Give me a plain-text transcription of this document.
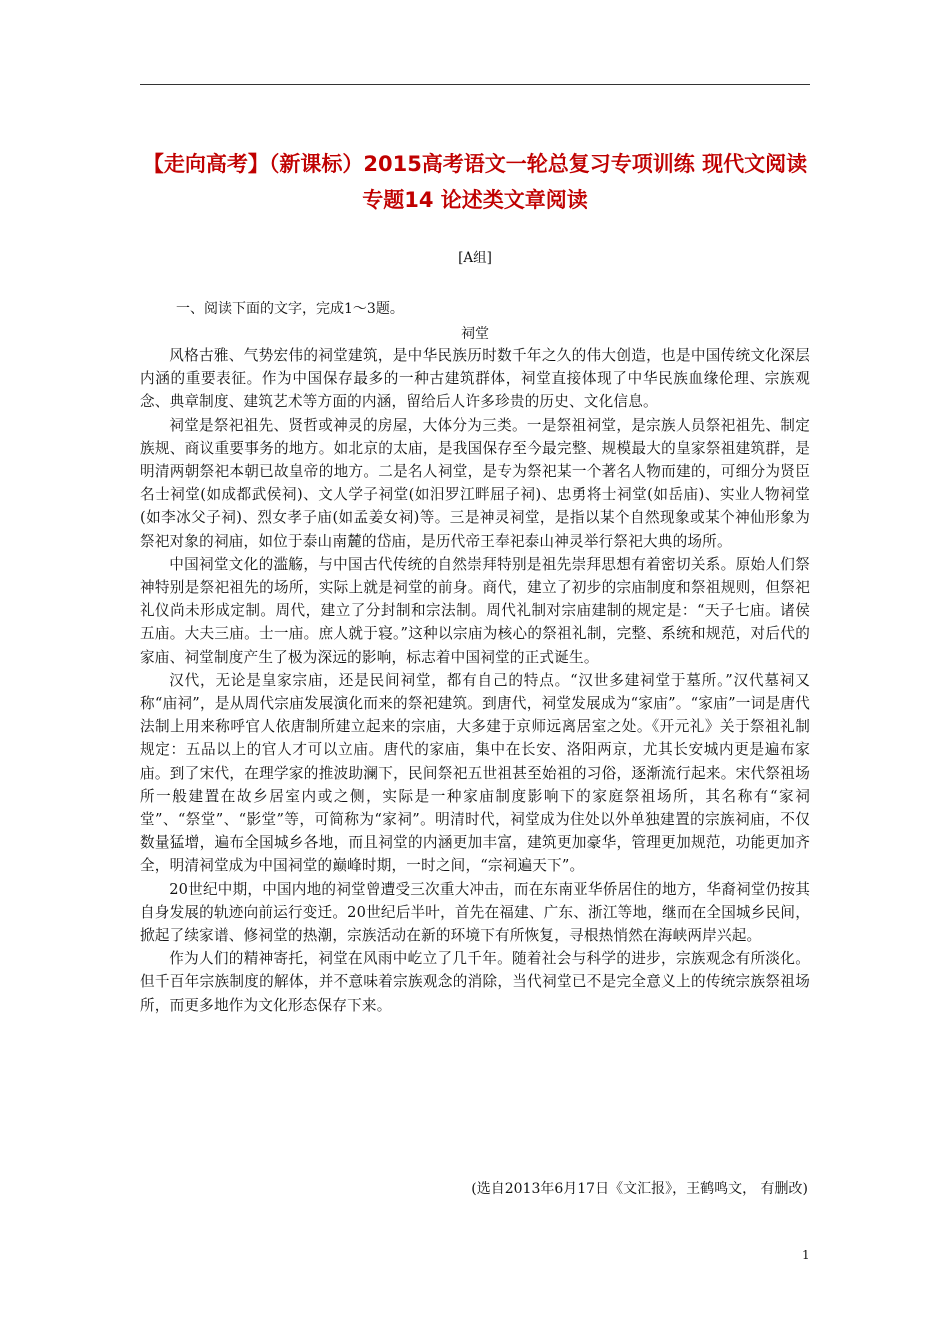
【走向高考】（新课标）2015高考语文一轮总复习专项训练 现代文阅读 专题14 论述类文章阅读
[A组]
一、阅读下面的文字，完成1～3题。
祠堂

风格古雅、气势宏伟的祠堂建筑，是中华民族历时数千年之久的伟大创造，也是中国传统文化深层内涵的重要表征。作为中国保存最多的一种古建筑群体，祠堂直接体现了中华民族血缘伦理、宗族观念、典章制度、建筑艺术等方面的内涵，留给后人许多珍贵的历史、文化信息。

祠堂是祭祀祖先、贤哲或神灵的房屋，大体分为三类。一是祭祖祠堂，是宗族人员祭祀祖先、制定族规、商议重要事务的地方。如北京的太庙，是我国保存至今最完整、规模最大的皇家祭祖建筑群，是明清两朝祭祀本朝已故皇帝的地方。二是名人祠堂，是专为祭祀某一个著名人物而建的，可细分为贤臣名士祠堂(如成都武侯祠)、文人学子祠堂(如汨罗江畔屈子祠)、忠勇将士祠堂(如岳庙)、实业人物祠堂(如李冰父子祠)、烈女孝子庙(如孟姜女祠)等。三是神灵祠堂，是指以某个自然现象或某个神仙形象为祭祀对象的祠庙，如位于泰山南麓的岱庙，是历代帝王奉祀泰山神灵举行祭祀大典的场所。

中国祠堂文化的滥觞，与中国古代传统的自然崇拜特别是祖先崇拜思想有着密切关系。原始人们祭神特别是祭祀祖先的场所，实际上就是祠堂的前身。商代，建立了初步的宗庙制度和祭祖规则，但祭祀礼仪尚未形成定制。周代，建立了分封制和宗法制。周代礼制对宗庙建制的规定是：“天子七庙。诸侯五庙。大夫三庙。士一庙。庶人就于寝。”这种以宗庙为核心的祭祖礼制，完整、系统和规范，对后代的家庙、祠堂制度产生了极为深远的影响，标志着中国祠堂的正式诞生。

汉代，无论是皇家宗庙，还是民间祠堂，都有自己的特点。“汉世多建祠堂于墓所。”汉代墓祠又称“庙祠”，是从周代宗庙发展演化而来的祭祀建筑。到唐代，祠堂发展成为“家庙”。“家庙”一词是唐代法制上用来称呼官人依唐制所建立起来的宗庙，大多建于京师远离居室之处。《开元礼》关于祭祖礼制规定：五品以上的官人才可以立庙。唐代的家庙，集中在长安、洛阳两京，尤其长安城内更是遍布家庙。到了宋代，在理学家的推波助澜下，民间祭祀五世祖甚至始祖的习俗，逐渐流行起来。宋代祭祖场所一般建置在故乡居室内或之侧，实际是一种家庙制度影响下的家庭祭祖场所，其名称有“家祠堂”、“祭堂”、“影堂”等，可简称为“家祠”。明清时代，祠堂成为住处以外单独建置的宗族祠庙，不仅数量猛增，遍布全国城乡各地，而且祠堂的内涵更加丰富，建筑更加豪华，管理更加规范，功能更加齐全，明清祠堂成为中国祠堂的巅峰时期，一时之间，“宗祠遍天下”。

20世纪中期，中国内地的祠堂曾遭受三次重大冲击，而在东南亚华侨居住的地方，华裔祠堂仍按其自身发展的轨迹向前运行变迁。20世纪后半叶，首先在福建、广东、浙江等地，继而在全国城乡民间，掀起了续家谱、修祠堂的热潮，宗族活动在新的环境下有所恢复，寻根热悄然在海峡两岸兴起。

作为人们的精神寄托，祠堂在风雨中屹立了几千年。随着社会与科学的进步，宗族观念有所淡化。但千百年宗族制度的解体，并不意味着宗族观念的消除，当代祠堂已不是完全意义上的传统宗族祭祖场所，而更多地作为文化形态保存下来。

(选自2013年6月17日《文汇报》，王鹤鸣文， 有删改)
1
